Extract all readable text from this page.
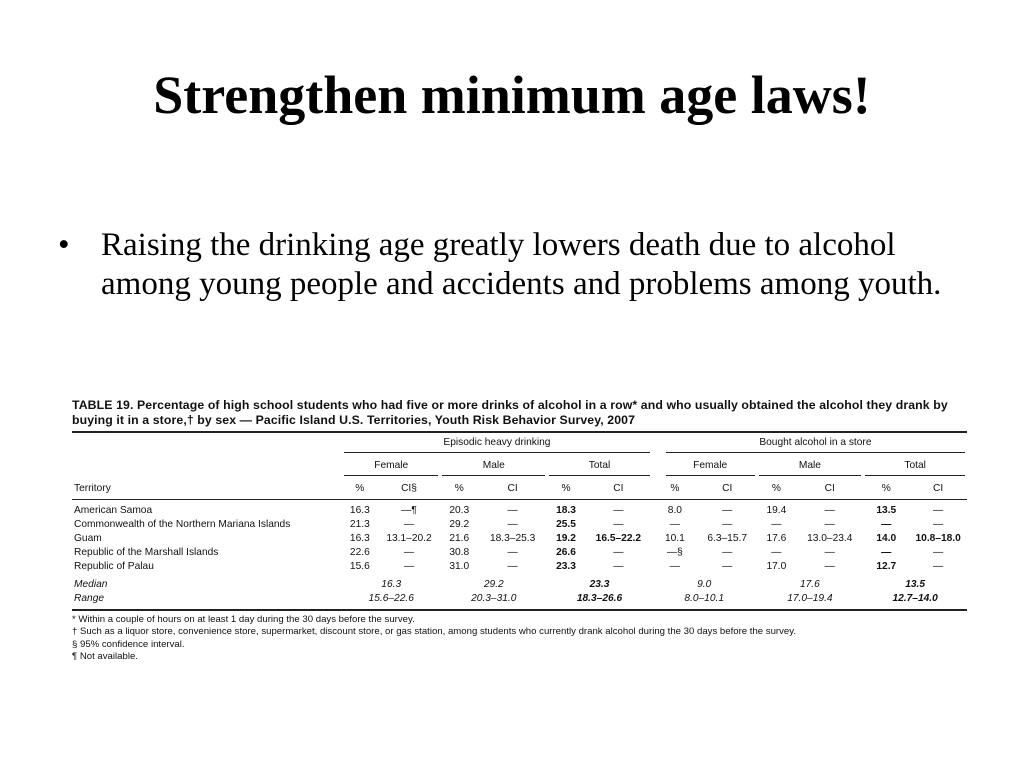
Strengthen minimum age laws!
• Raising the drinking age greatly lowers death due to alcohol among young people and accidents and problems among youth.

TABLE 19. Percentage of high school students who had five or more drinks of alcohol in a row* and who usually obtained the alcohol they drank by buying it in a store,† by sex — Pacific Island U.S. Territories, Youth Risk Behavior Survey, 2007

	Episodic heavy drinking						Bought alcohol in a store					

	Female		Male		Total		Female		Male		Total	

Territory	%	CI§	%	CI	%	CI	%	CI	%	CI	%	CI
American Samoa	16.3	—¶	20.3	—	18.3	—	8.0	—	19.4	—	13.5	—
Commonwealth of the Northern Mariana Islands	21.3	—	29.2	—	25.5	—	—	—	—	—	—	—
Guam	16.3	13.1–20.2	21.6	18.3–25.3	19.2	16.5–22.2	10.1	6.3–15.7	17.6	13.0–23.4	14.0	10.8–18.0
Republic of the Marshall Islands	22.6	—	30.8	—	26.6	—	—§	—	—	—	—	—
Republic of Palau	15.6	—	31.0	—	23.3	—	—	—	17.0	—	12.7	—
Median	16.3		29.2		23.3		9.0		17.6		13.5	
Range	15.6–22.6		20.3–31.0		18.3–26.6		8.0–10.1		17.0–19.4		12.7–14.0	
* Within a couple of hours on at least 1 day during the 30 days before the survey.
† Such as a liquor store, convenience store, supermarket, discount store, or gas station, among students who currently drank alcohol during the 30 days before the survey.
§ 95% confidence interval.
¶ Not available.
